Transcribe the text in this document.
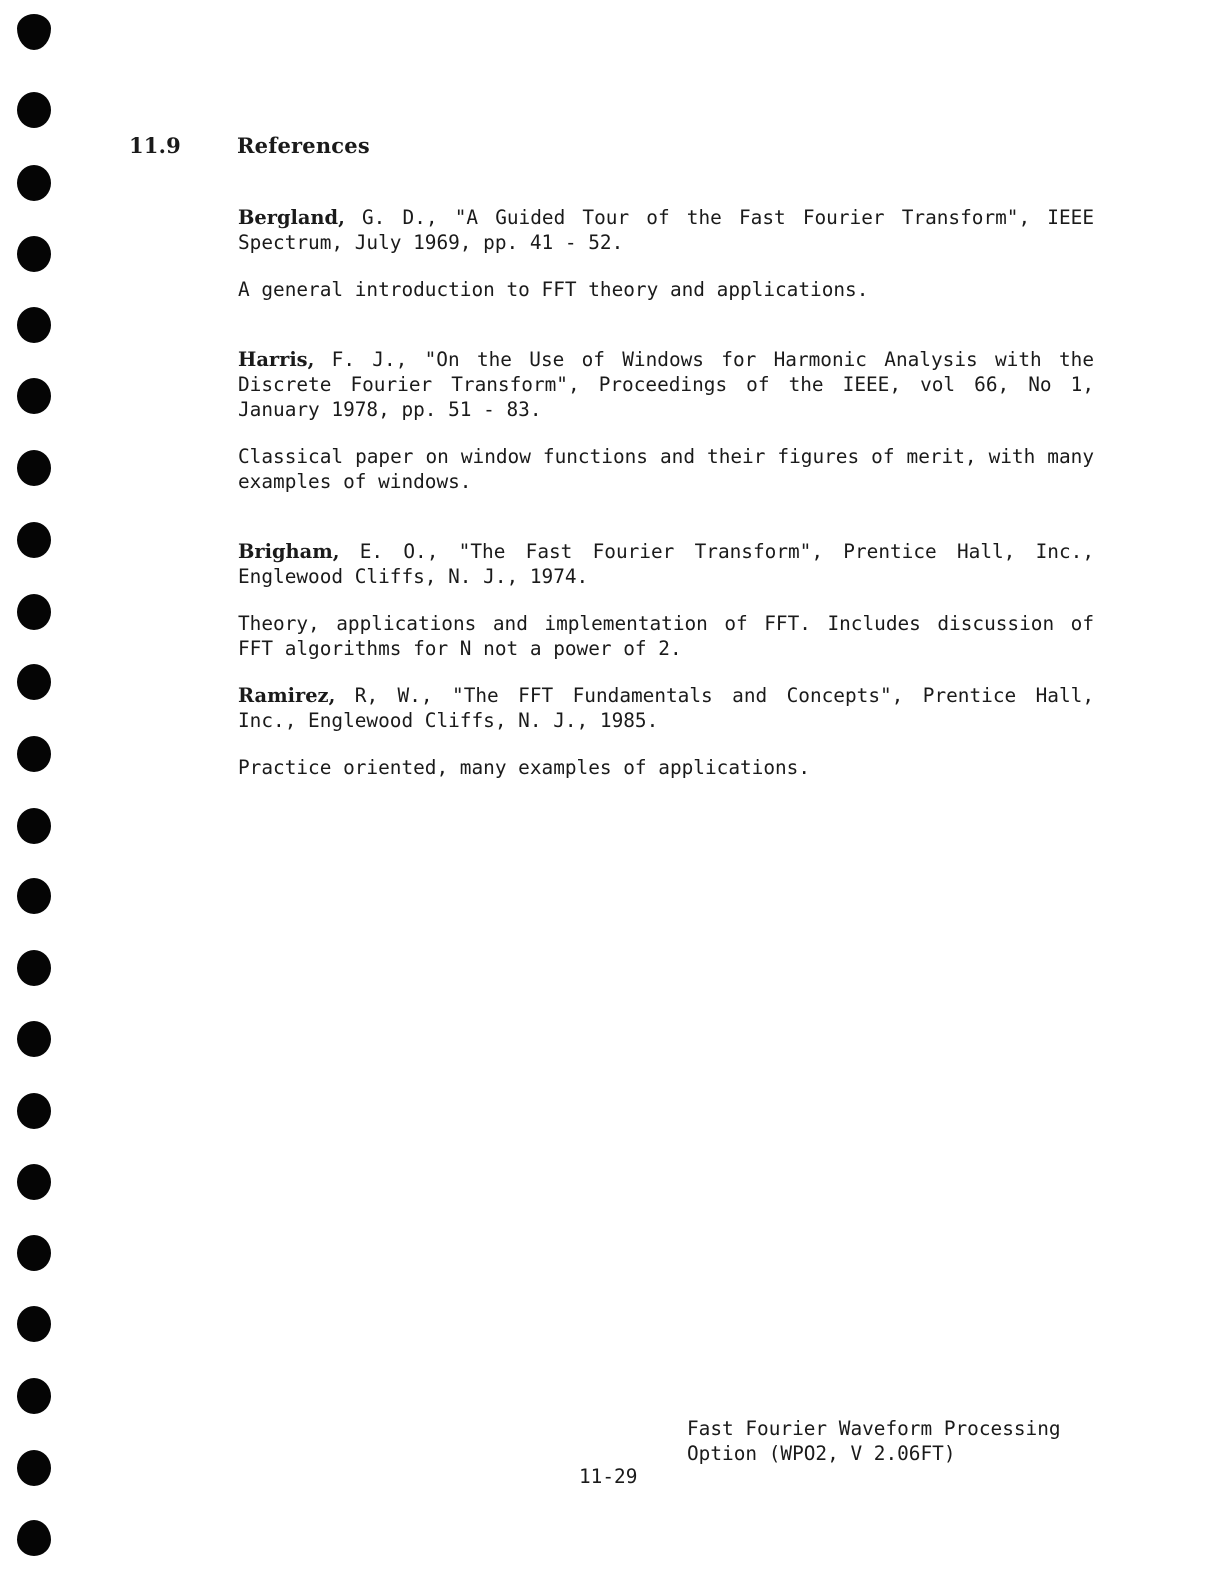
11.9	References

Bergland, G. D., "A Guided Tour of the Fast Fourier Transform", IEEE Spectrum, July 1969, pp. 41 - 52.

A general introduction to FFT theory and applications.

Harris, F. J., "On the Use of Windows for Harmonic Analysis with the Discrete Fourier Transform", Proceedings of the IEEE, vol 66, No 1, January 1978, pp. 51 - 83.

Classical paper on window functions and their figures of merit, with many examples of windows.

Brigham, E. O., "The Fast Fourier Transform", Prentice Hall, Inc., Englewood Cliffs, N. J., 1974.

Theory, applications and implementation of FFT. Includes discussion of FFT algorithms for N not a power of 2.

Ramirez, R, W., "The FFT Fundamentals and Concepts", Prentice Hall, Inc., Englewood Cliffs, N. J., 1985.

Practice oriented, many examples of applications.

Fast Fourier Waveform Processing
Option (WPO2, V 2.06FT)
11-29
